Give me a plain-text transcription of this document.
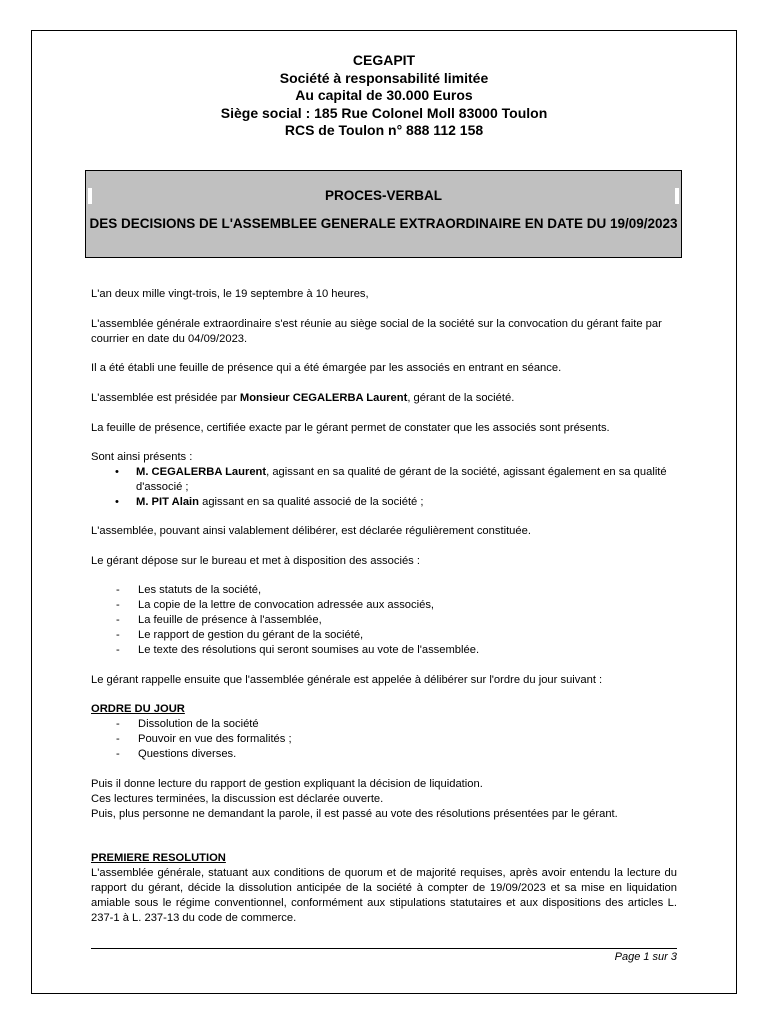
CEGAPIT
Société à responsabilité limitée
Au capital de 30.000 Euros
Siège social : 185 Rue Colonel Moll 83000 Toulon
RCS de Toulon n° 888 112 158
PROCES-VERBAL
DES DECISIONS DE L'ASSEMBLEE GENERALE EXTRAORDINAIRE EN DATE DU 19/09/2023

L'an deux mille vingt-trois, le 19 septembre à 10 heures,

L'assemblée générale extraordinaire s'est réunie au siège social de la société sur la convocation du gérant faite par courrier en date du 04/09/2023.

Il a été établi une feuille de présence qui a été émargée par les associés en entrant en séance.

L'assemblée est présidée par Monsieur CEGALERBA Laurent, gérant de la société.

La feuille de présence, certifiée exacte par le gérant permet de constater que les associés sont présents.

Sont ainsi présents :

• M. CEGALERBA Laurent, agissant en sa qualité de gérant de la société, agissant également en sa qualité d'associé ;
• M. PIT Alain agissant en sa qualité associé de la société ;

L'assemblée, pouvant ainsi valablement délibérer, est déclarée régulièrement constituée.

Le gérant dépose sur le bureau et met à disposition des associés :

- Les statuts de la société,
- La copie de la lettre de convocation adressée aux associés,
- La feuille de présence à l'assemblée,
- Le rapport de gestion du gérant de la société,
- Le texte des résolutions qui seront soumises au vote de l'assemblée.

Le gérant rappelle ensuite que l'assemblée générale est appelée à délibérer sur l'ordre du jour suivant :

ORDRE DU JOUR

- Dissolution de la société
- Pouvoir en vue des formalités ;
- Questions diverses.

Puis il donne lecture du rapport de gestion expliquant la décision de liquidation.

Ces lectures terminées, la discussion est déclarée ouverte.

Puis, plus personne ne demandant la parole, il est passé au vote des résolutions présentées par le gérant.

PREMIERE RESOLUTION

L'assemblée générale, statuant aux conditions de quorum et de majorité requises, après avoir entendu la lecture du rapport du gérant, décide la dissolution anticipée de la société à compter de 19/09/2023 et sa mise en liquidation amiable sous le régime conventionnel, conformément aux stipulations statutaires et aux dispositions des articles L. 237-1 à L. 237-13 du code de commerce.

Page 1 sur 3
